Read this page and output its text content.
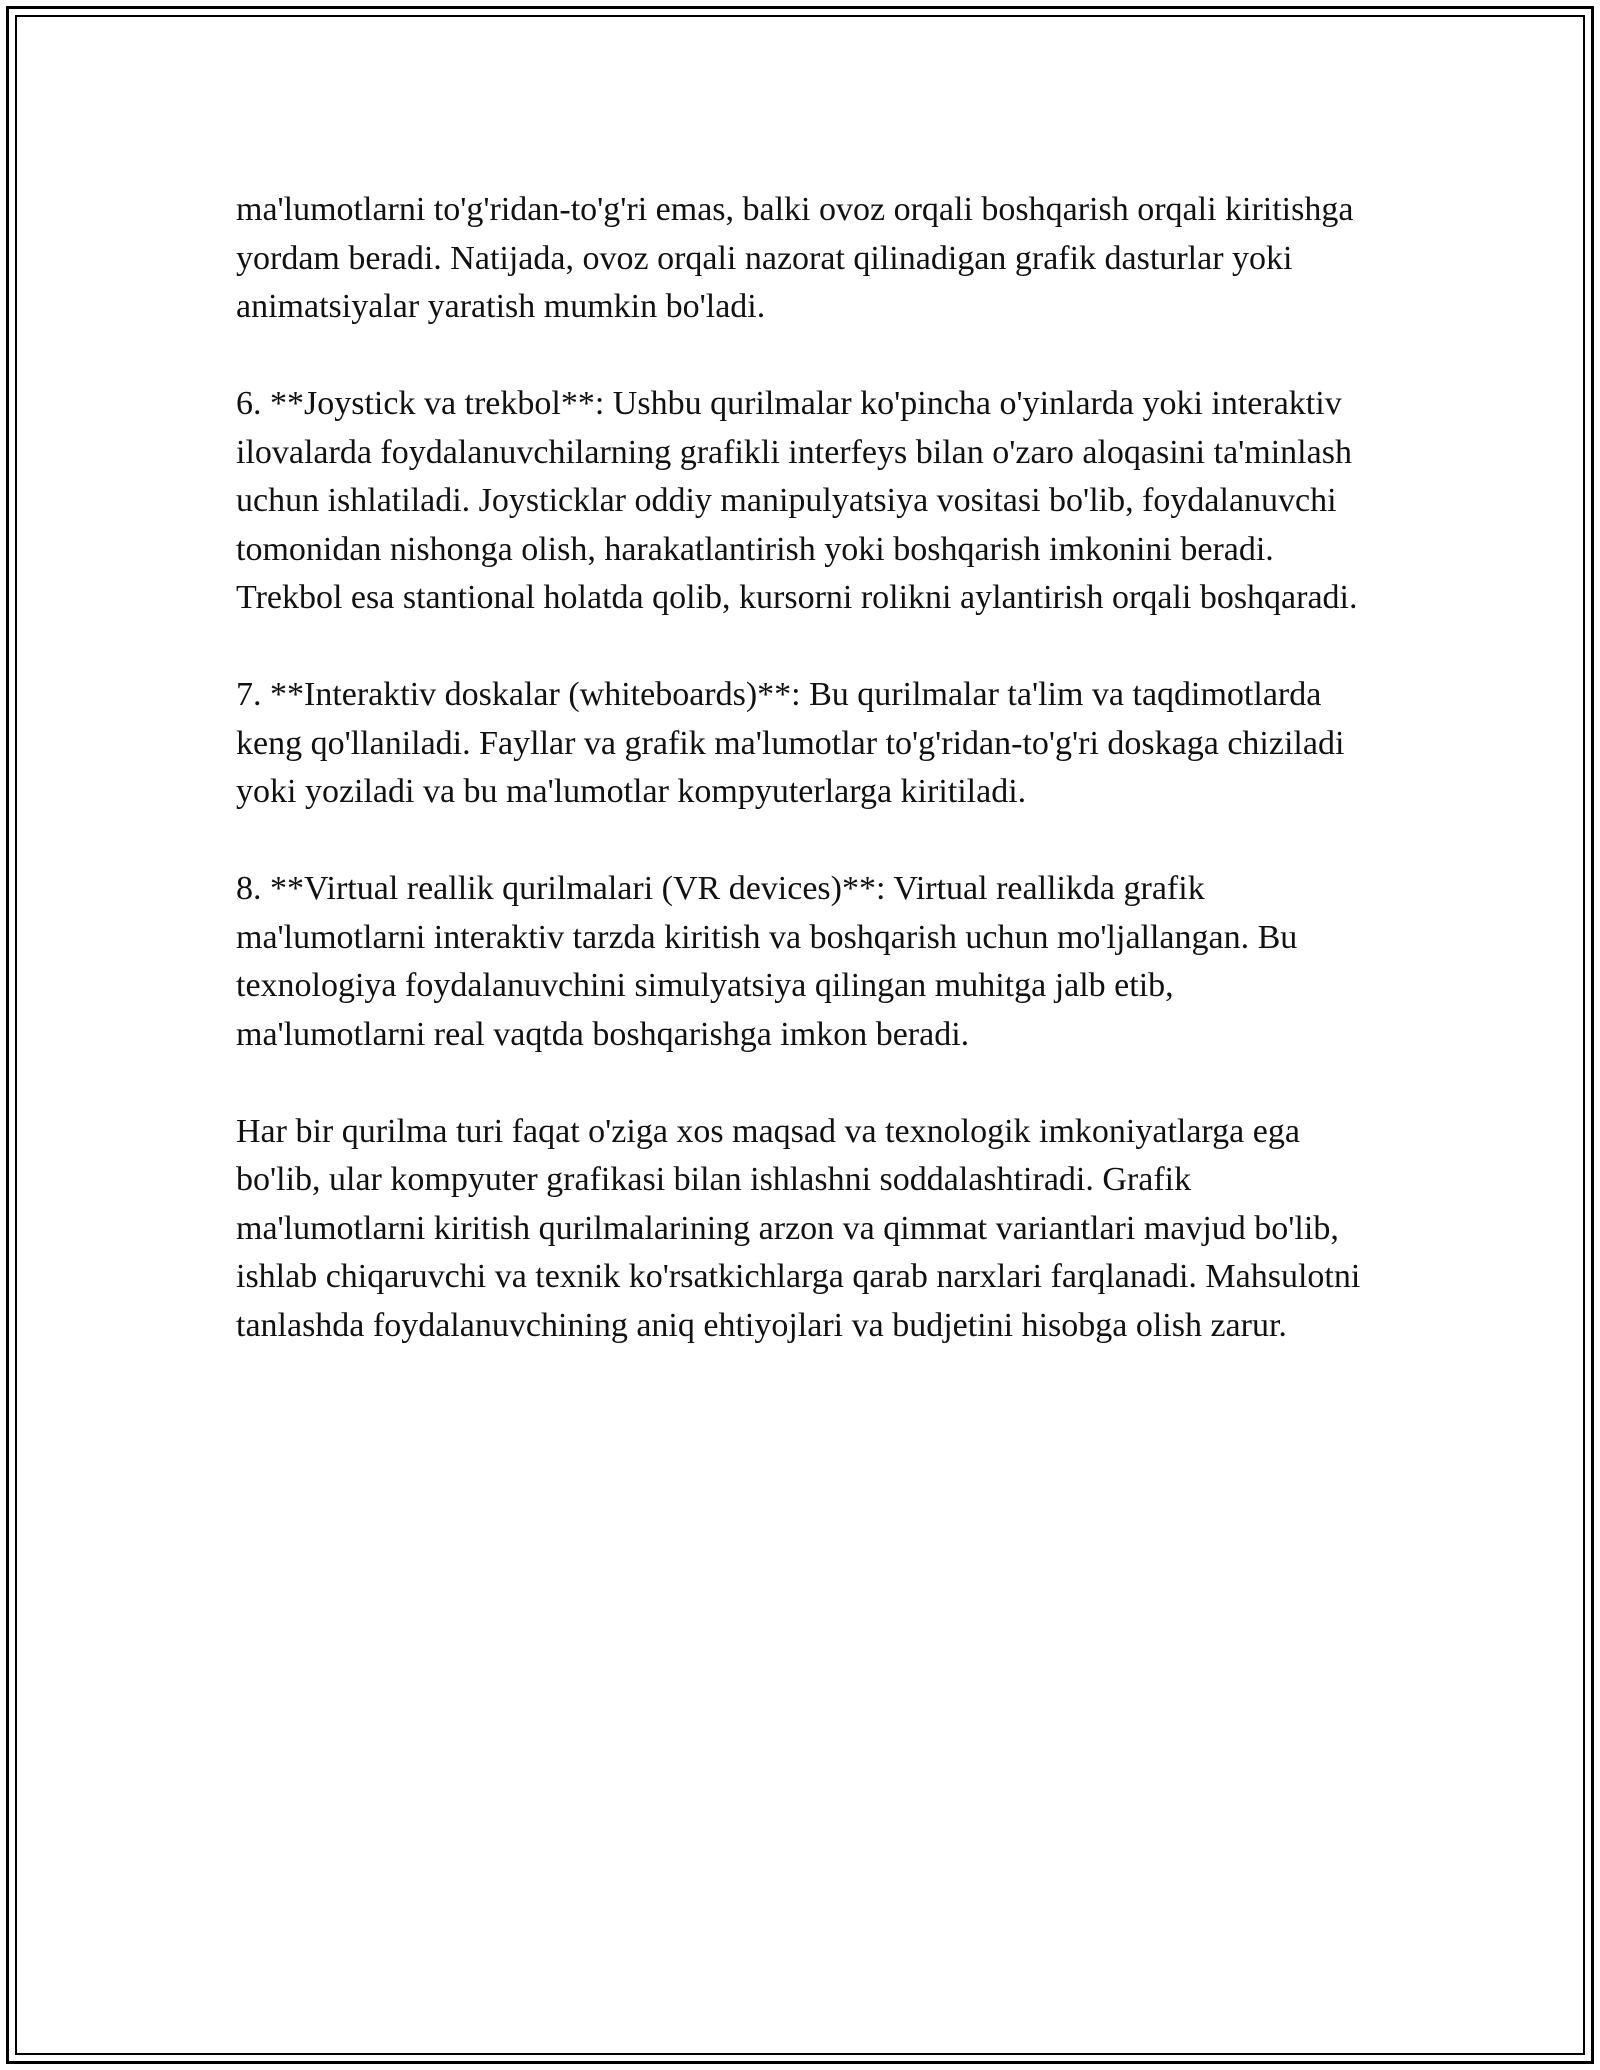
ma'lumotlarni to'g'ridan-to'g'ri emas, balki ovoz orqali boshqarish orqali kiritishga yordam beradi. Natijada, ovoz orqali nazorat qilinadigan grafik dasturlar yoki animatsiyalar yaratish mumkin bo'ladi.

6. **Joystick va trekbol**: Ushbu qurilmalar ko'pincha o'yinlarda yoki interaktiv ilovalarda foydalanuvchilarning grafikli interfeys bilan o'zaro aloqasini ta'minlash uchun ishlatiladi. Joysticklar oddiy manipulyatsiya vositasi bo'lib, foydalanuvchi tomonidan nishonga olish, harakatlantirish yoki boshqarish imkonini beradi. Trekbol esa stantional holatda qolib, kursorni rolikni aylantirish orqali boshqaradi.

7. **Interaktiv doskalar (whiteboards)**: Bu qurilmalar ta'lim va taqdimotlarda keng qo'llaniladi. Fayllar va grafik ma'lumotlar to'g'ridan-to'g'ri doskaga chiziladi yoki yoziladi va bu ma'lumotlar kompyuterlarga kiritiladi.

8. **Virtual reallik qurilmalari (VR devices)**: Virtual reallikda grafik ma'lumotlarni interaktiv tarzda kiritish va boshqarish uchun mo'ljallangan. Bu texnologiya foydalanuvchini simulyatsiya qilingan muhitga jalb etib, ma'lumotlarni real vaqtda boshqarishga imkon beradi.

Har bir qurilma turi faqat o'ziga xos maqsad va texnologik imkoniyatlarga ega bo'lib, ular kompyuter grafikasi bilan ishlashni soddalashtiradi. Grafik ma'lumotlarni kiritish qurilmalarining arzon va qimmat variantlari mavjud bo'lib, ishlab chiqaruvchi va texnik ko'rsatkichlarga qarab narxlari farqlanadi. Mahsulotni tanlashda foydalanuvchining aniq ehtiyojlari va budjetini hisobga olish zarur.
